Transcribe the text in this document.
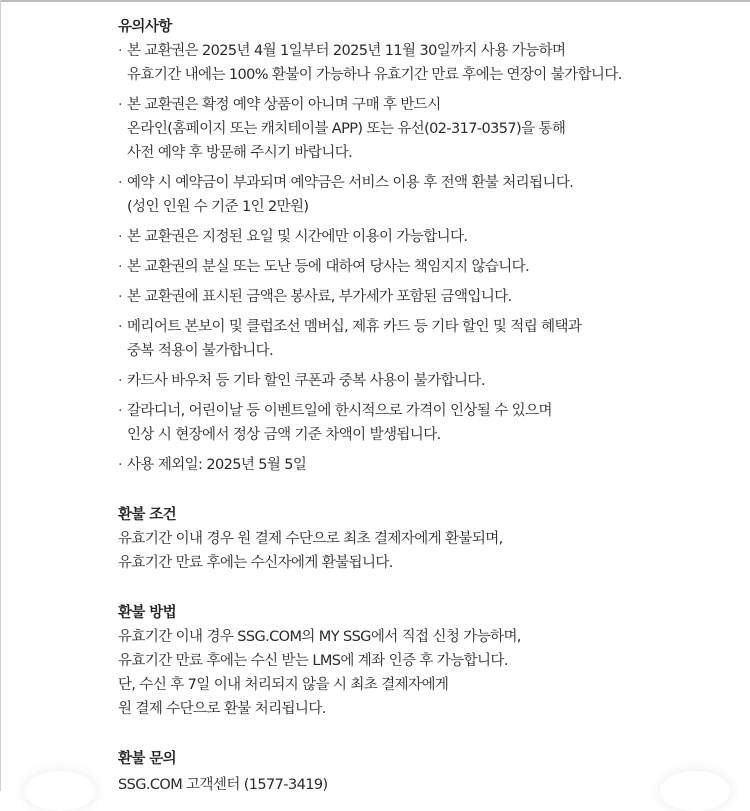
유의사항
· 본 교환권은 2025년 4월 1일부터 2025년 11월 30일까지 사용 가능하며
유효기간 내에는 100% 환불이 가능하나 유효기간 만료 후에는 연장이 불가합니다.
· 본 교환권은 확정 예약 상품이 아니며 구매 후 반드시
온라인(홈페이지 또는 캐치테이블 APP) 또는 유선(02-317-0357)을 통해
사전 예약 후 방문해 주시기 바랍니다.
· 예약 시 예약금이 부과되며 예약금은 서비스 이용 후 전액 환불 처리됩니다.
(성인 인원 수 기준 1인 2만원)
· 본 교환권은 지정된 요일 및 시간에만 이용이 가능합니다.
· 본 교환권의 분실 또는 도난 등에 대하여 당사는 책임지지 않습니다.
· 본 교환권에 표시된 금액은 봉사료, 부가세가 포함된 금액입니다.
· 메리어트 본보이 및 클럽조선 멤버십, 제휴 카드 등 기타 할인 및 적립 혜택과
중복 적용이 불가합니다.
· 카드사 바우처 등 기타 할인 쿠폰과 중복 사용이 불가합니다.
· 갈라디너, 어린이날 등 이벤트일에 한시적으로 가격이 인상될 수 있으며
인상 시 현장에서 정상 금액 기준 차액이 발생됩니다.
· 사용 제외일: 2025년 5월 5일
환불 조건
유효기간 이내 경우 원 결제 수단으로 최초 결제자에게 환불되며,
유효기간 만료 후에는 수신자에게 환불됩니다.
환불 방법
유효기간 이내 경우 SSG.COM의 MY SSG에서 직접 신청 가능하며,
유효기간 만료 후에는 수신 받는 LMS에 계좌 인증 후 가능합니다.
단, 수신 후 7일 이내 처리되지 않을 시 최초 결제자에게
원 결제 수단으로 환불 처리됩니다.
환불 문의
SSG.COM 고객센터 (1577-3419)
